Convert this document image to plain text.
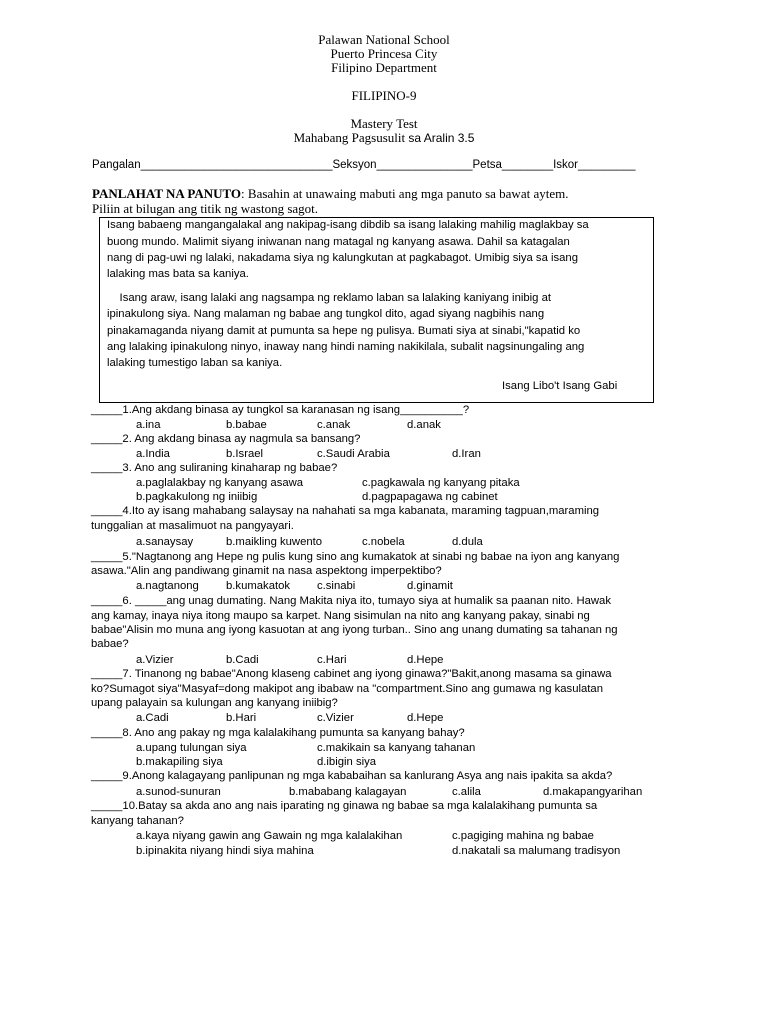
Palawan National School
Puerto Princesa City
Filipino Department
FILIPINO-9
Mastery Test
Mahabang Pagsusulit sa Aralin 3.5
Pangalan______________________________Seksyon_______________Petsa________Iskor_________
PANLAHAT NA PANUTO: Basahin at unawaing mabuti ang mga panuto sa bawat aytem.
Piliin at bilugan ang titik ng wastong sagot.
Isang babaeng mangangalakal ang nakipag-isang dibdib sa isang lalaking mahilig maglakbay sa
buong mundo. Malimit siyang iniwanan nang matagal ng kanyang asawa. Dahil sa katagalan
nang di pag-uwi ng lalaki, nakadama siya ng kalungkutan at pagkabagot. Umibig siya sa isang
lalaking mas bata sa kaniya.
Isang araw, isang lalaki ang nagsampa ng reklamo laban sa lalaking kaniyang inibig at
ipinakulong siya. Nang malaman ng babae ang tungkol dito, agad siyang nagbihis nang
pinakamaganda niyang damit at pumunta sa hepe ng pulisya. Bumati siya at sinabi,"kapatid ko
ang lalaking ipinakulong ninyo, inaway nang hindi naming nakikilala, subalit nagsinungaling ang
lalaking tumestigo laban sa kaniya.
Isang Libo't Isang Gabi
_____1.Ang akdang binasa ay tungkol sa karanasan ng isang__________?
a.ina	b.babae	c.anak	d.anak
_____2. Ang akdang binasa ay nagmula sa bansang?
a.India	b.Israel	c.Saudi Arabia	d.Iran
_____3. Ano ang suliraning kinaharap ng babae?
a.paglalakbay ng kanyang asawa	c.pagkawala ng kanyang pitaka
b.pagkakulong ng iniibig	d.pagpapagawa ng cabinet
_____4.Ito ay isang mahabang salaysay na nahahati sa mga kabanata, maraming tagpuan,maraming
tunggalian at masalimuot na pangyayari.
a.sanaysay	b.maikling kuwento	c.nobela	d.dula
_____5."Nagtanong ang Hepe ng pulis kung sino ang kumakatok at sinabi ng babae na iyon ang kanyang
asawa."Alin ang pandiwang ginamit na nasa aspektong imperpektibo?
a.nagtanong b.kumakatok c.sinabi	d.ginamit
_____6. _____ang unag dumating. Nang Makita niya ito, tumayo siya at humalik sa paanan nito. Hawak
ang kamay, inaya niya itong maupo sa karpet. Nang sisimulan na nito ang kanyang pakay, sinabi ng
babae"Alisin mo muna ang iyong kasuotan at ang iyong turban.. Sino ang unang dumating sa tahanan ng
babae?
a.Vizier	b.Cadi	c.Hari	d.Hepe
_____7. Tinanong ng babae"Anong klaseng cabinet ang iyong ginawa?"Bakit,anong masama sa ginawa
ko?Sumagot siya"Masyaf=dong makipot ang ibabaw na "compartment.Sino ang gumawa ng kasulatan
upang palayain sa kulungan ang kanyang iniibig?
a.Cadi	b.Hari	c.Vizier	d.Hepe
_____8. Ano ang pakay ng mga kalalakihang pumunta sa kanyang bahay?
a.upang tulungan siya	c.makikain sa kanyang tahanan
b.makapiling siya	d.ibigin siya
_____9.Anong kalagayang panlipunan ng mga kababaihan sa kanlurang Asya ang nais ipakita sa akda?
a.sunod-sunuran	b.mababang kalagayan	c.alila	d.makapangyarihan
_____10.Batay sa akda ano ang nais iparating ng ginawa ng babae sa mga kalalakihang pumunta sa
kanyang tahanan?
a.kaya niyang gawin ang Gawain ng mga kalalakihan	c.pagiging mahina ng babae
b.ipinakita niyang hindi siya mahina	d.nakatali sa malumang tradisyon
